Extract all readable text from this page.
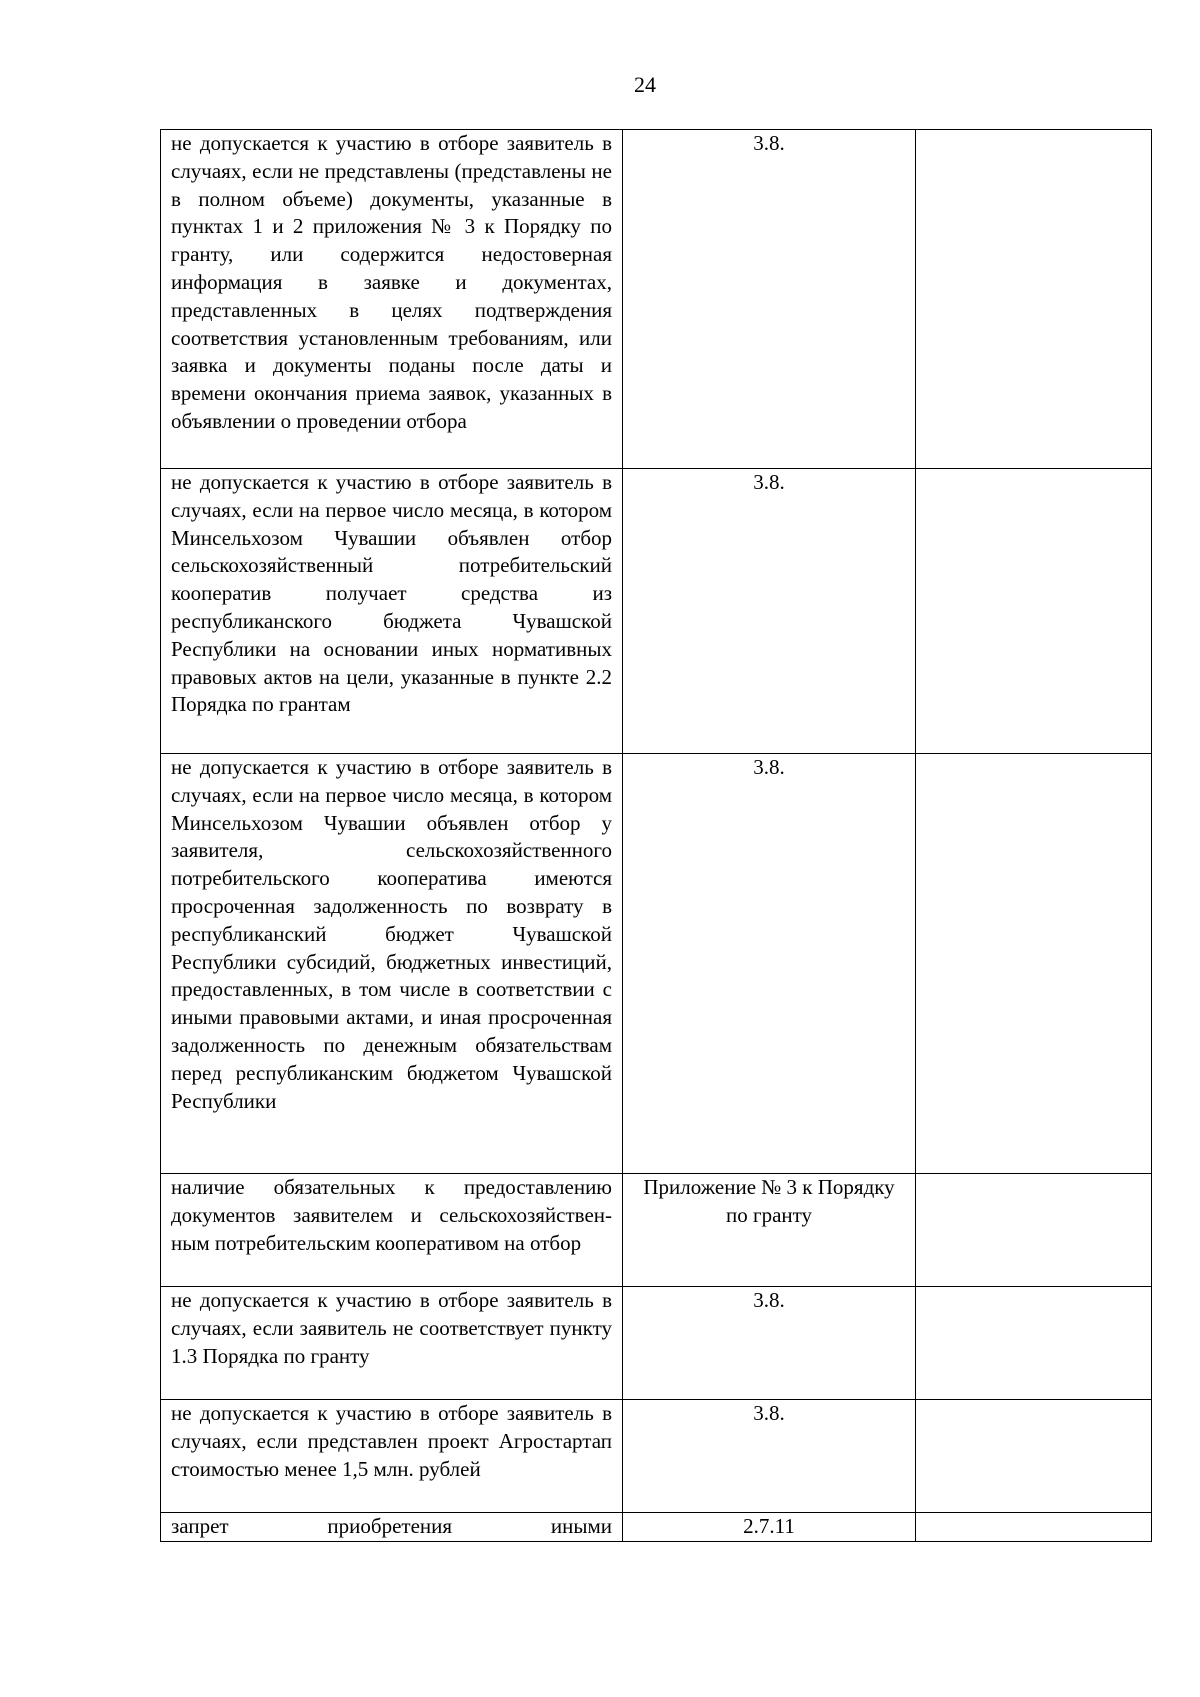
24
не допускается к участию в отборе заявитель в случаях, если не представлены (представлены не в полном объеме) документы, указанные в пунктах 1 и 2 приложения № 3 к Порядку по гранту, или содержится недостоверная информация в заявке и документах, представленных в целях подтверждения соответствия установленным требованиям, или заявка и документы поданы после даты и времени окончания приема заявок, указанных в объявлении о проведении отбора	3.8.	
не допускается к участию в отборе заявитель в случаях, если на первое число месяца, в котором Минсельхозом Чувашии объявлен отбор сельскохозяйственный потребительский кооператив получает средства из республиканского бюджета Чувашской Республики на основании иных нормативных правовых актов на цели, указанные в пункте 2.2 Порядка по грантам	3.8.	
не допускается к участию в отборе заявитель в случаях, если на первое число месяца, в котором Минсельхозом Чувашии объявлен отбор у заявителя, сельскохозяйственного потребительского кооператива имеются просроченная задолженность по возврату в республиканский бюджет Чувашской Республики субсидий, бюджетных инвестиций, предоставленных, в том числе в соответствии с иными правовыми актами, и иная просроченная задолженность по денежным обязательствам перед республиканским бюджетом Чувашской Республики	3.8.	
наличие обязательных к предоставлению документов заявителем и сельскохозяйствен-ным потребительским кооперативом на отбор	Приложение № 3 к Порядку по гранту	
не допускается к участию в отборе заявитель в случаях, если заявитель не соответствует пункту 1.3 Порядка по гранту	3.8.	
не допускается к участию в отборе заявитель в случаях, если представлен проект Агростартап стоимостью менее 1,5 млн. рублей	3.8.	
запрет приобретения иными	2.7.11	
